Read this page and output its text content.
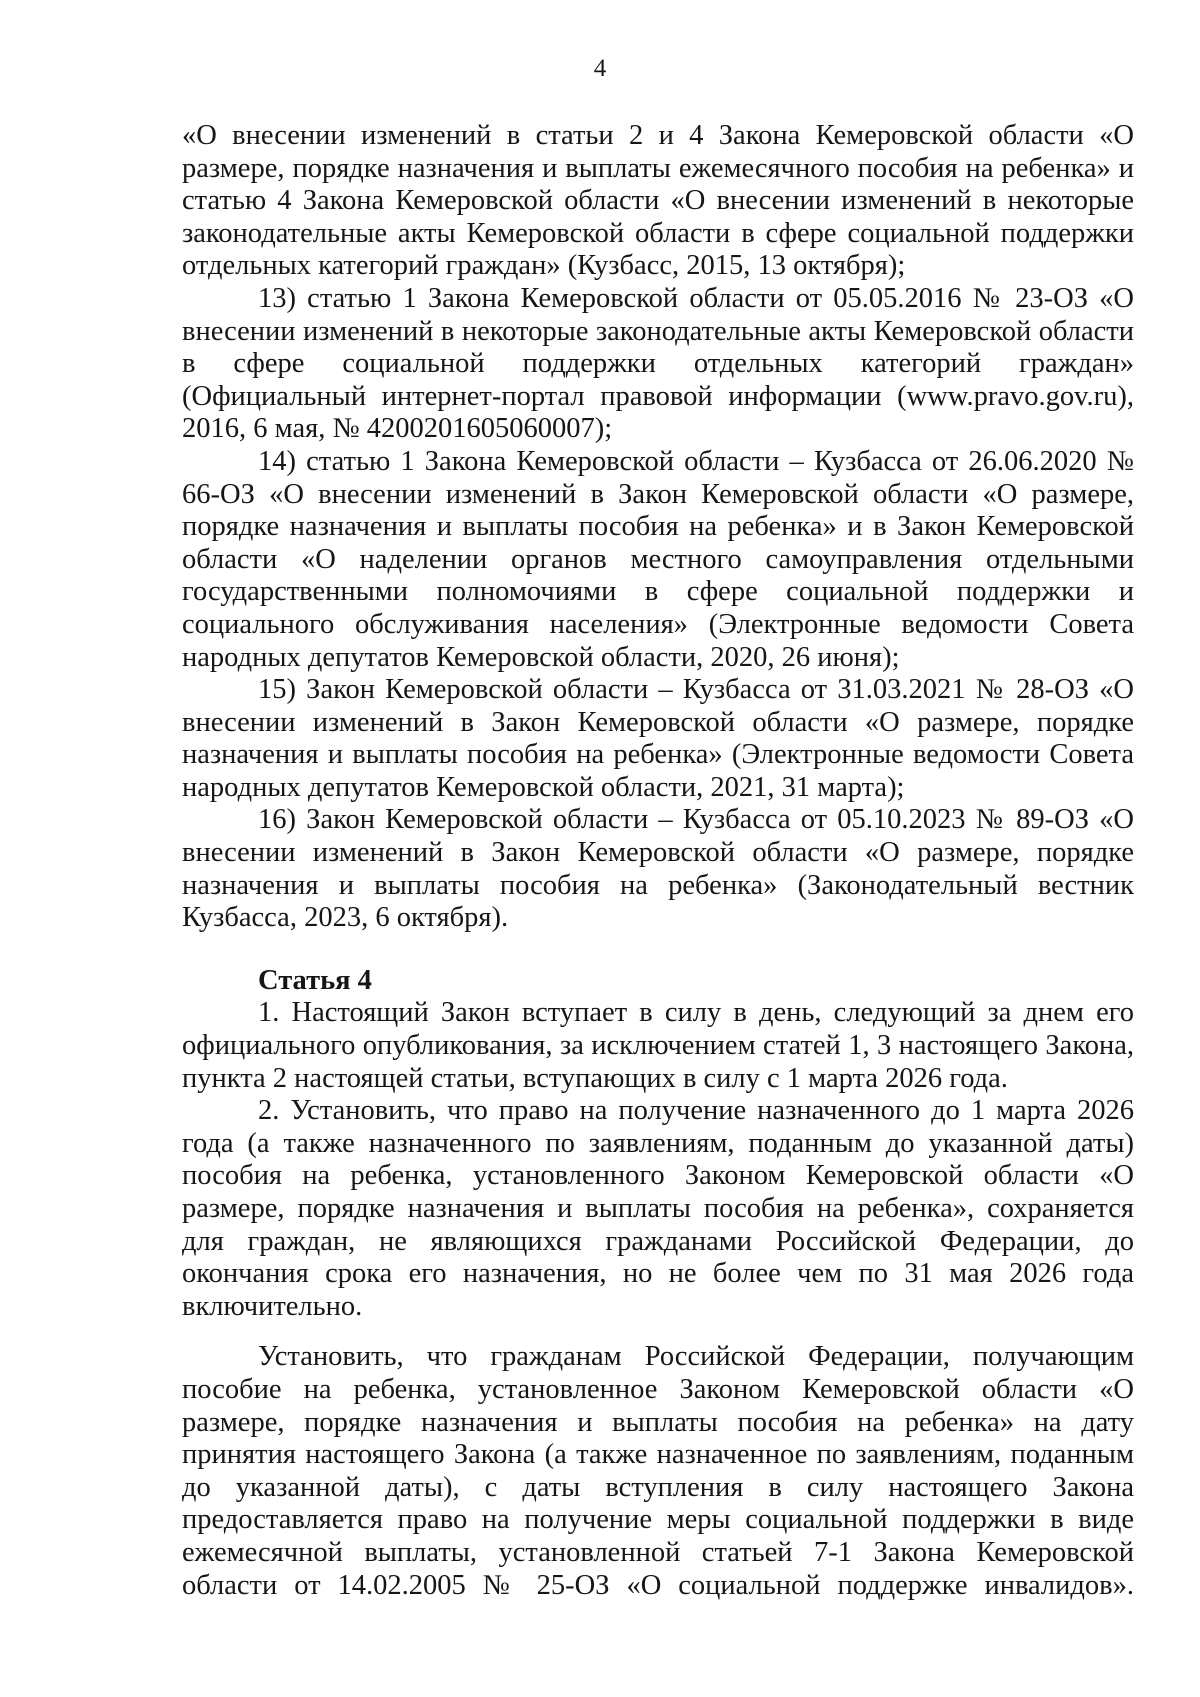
4
«О внесении изменений в статьи 2 и 4 Закона Кемеровской области «О размере, порядке назначения и выплаты ежемесячного пособия на ребенка» и статью 4 Закона Кемеровской области «О внесении изменений в некоторые законодательные акты Кемеровской области в сфере социальной поддержки отдельных категорий граждан» (Кузбасс, 2015, 13 октября);
13) статью 1 Закона Кемеровской области от 05.05.2016 № 23-ОЗ «О внесении изменений в некоторые законодательные акты Кемеровской области в сфере социальной поддержки отдельных категорий граждан» (Официальный интернет-портал правовой информации (www.pravo.gov.ru), 2016, 6 мая, № 4200201605060007);
14) статью 1 Закона Кемеровской области – Кузбасса от 26.06.2020 № 66-ОЗ «О внесении изменений в Закон Кемеровской области «О размере, порядке назначения и выплаты пособия на ребенка» и в Закон Кемеровской области «О наделении органов местного самоуправления отдельными государственными полномочиями в сфере социальной поддержки и социального обслуживания населения» (Электронные ведомости Совета народных депутатов Кемеровской области, 2020, 26 июня);
15) Закон Кемеровской области – Кузбасса от 31.03.2021 № 28-ОЗ «О внесении изменений в Закон Кемеровской области «О размере, порядке назначения и выплаты пособия на ребенка» (Электронные ведомости Совета народных депутатов Кемеровской области, 2021, 31 марта);
16) Закон Кемеровской области – Кузбасса от 05.10.2023 № 89-ОЗ «О внесении изменений в Закон Кемеровской области «О размере, порядке назначения и выплаты пособия на ребенка» (Законодательный вестник Кузбасса, 2023, 6 октября).
Статья 4
1. Настоящий Закон вступает в силу в день, следующий за днем его официального опубликования, за исключением статей 1, 3 настоящего Закона, пункта 2 настоящей статьи, вступающих в силу с 1 марта 2026 года.
2. Установить, что право на получение назначенного до 1 марта 2026 года (а также назначенного по заявлениям, поданным до указанной даты) пособия на ребенка, установленного Законом Кемеровской области «О размере, порядке назначения и выплаты пособия на ребенка», сохраняется для граждан, не являющихся гражданами Российской Федерации, до окончания срока его назначения, но не более чем по 31 мая 2026 года включительно.
Установить, что гражданам Российской Федерации, получающим пособие на ребенка, установленное Законом Кемеровской области «О размере, порядке назначения и выплаты пособия на ребенка» на дату принятия настоящего Закона (а также назначенное по заявлениям, поданным до указанной даты), с даты вступления в силу настоящего Закона предоставляется право на получение меры социальной поддержки в виде ежемесячной выплаты, установленной статьей 7-1 Закона Кемеровской области от 14.02.2005 № 25-ОЗ «О социальной поддержке инвалидов».
